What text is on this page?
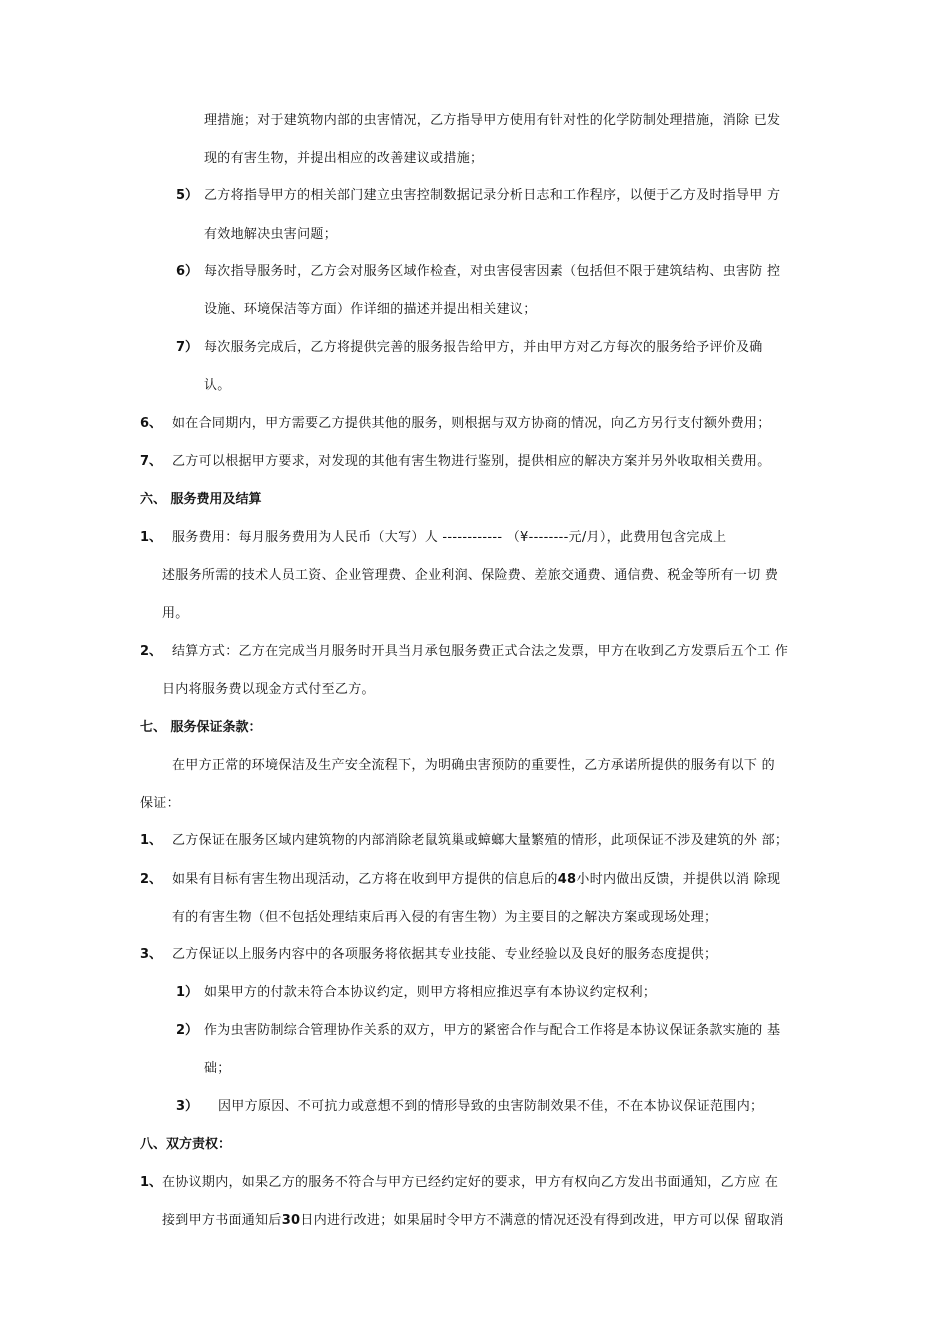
理措施；对于建筑物内部的虫害情况，乙方指导甲方使用有针对性的化学防制处理措施，消除 已发
现的有害生物，并提出相应的改善建议或措施；
5） 乙方将指导甲方的相关部门建立虫害控制数据记录分析日志和工作程序，以便于乙方及时指导甲 方
有效地解决虫害问题；
6） 每次指导服务时，乙方会对服务区域作检查，对虫害侵害因素（包括但不限于建筑结构、虫害防 控
设施、环境保洁等方面）作详细的描述并提出相关建议；
7） 每次服务完成后，乙方将提供完善的服务报告给甲方，并由甲方对乙方每次的服务给予评价及确
认。
6、 如在合同期内，甲方需要乙方提供其他的服务，则根据与双方协商的情况，向乙方另行支付额外费用；
7、 乙方可以根据甲方要求，对发现的其他有害生物进行鉴别，提供相应的解决方案并另外收取相关费用。
六、 服务费用及结算
1、 服务费用：每月服务费用为人民币（大写）人 ------------ （¥--------元/月），此费用包含完成上
述服务所需的技术人员工资、企业管理费、企业利润、保险费、差旅交通费、通信费、税金等所有一切 费
用。
2、 结算方式：乙方在完成当月服务时开具当月承包服务费正式合法之发票，甲方在收到乙方发票后五个工 作
日内将服务费以现金方式付至乙方。
七、 服务保证条款：
在甲方正常的环境保洁及生产安全流程下，为明确虫害预防的重要性，乙方承诺所提供的服务有以下 的
保证：
1、 乙方保证在服务区域内建筑物的内部消除老鼠筑巢或蟑螂大量繁殖的情形，此项保证不涉及建筑的外 部；
2、 如果有目标有害生物出现活动，乙方将在收到甲方提供的信息后的48小时内做出反馈，并提供以消 除现
有的有害生物（但不包括处理结束后再入侵的有害生物）为主要目的之解决方案或现场处理；
3、 乙方保证以上服务内容中的各项服务将依据其专业技能、专业经验以及良好的服务态度提供；
1） 如果甲方的付款未符合本协议约定，则甲方将相应推迟享有本协议约定权利；
2） 作为虫害防制综合管理协作关系的双方，甲方的紧密合作与配合工作将是本协议保证条款实施的 基
础；
3） 因甲方原因、不可抗力或意想不到的情形导致的虫害防制效果不佳，不在本协议保证范围内；
八、双方责权：
1、 在协议期内，如果乙方的服务不符合与甲方已经约定好的要求，甲方有权向乙方发出书面通知，乙方应 在
接到甲方书面通知后30日内进行改进；如果届时令甲方不满意的情况还没有得到改进，甲方可以保 留取消
